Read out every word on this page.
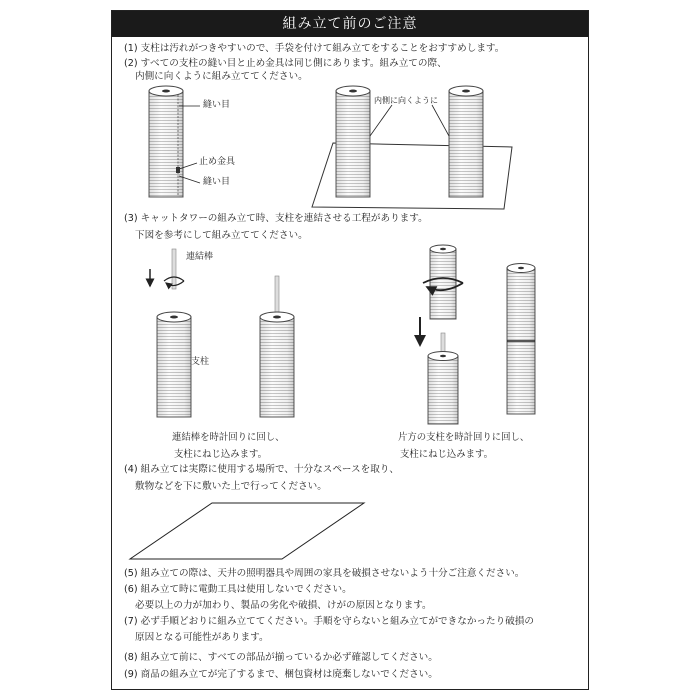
組み立て前のご注意
(1) 支柱は汚れがつきやすいので、手袋を付けて組み立てをすることをおすすめします。
(2) すべての支柱の縫い目と止め金具は同じ側にあります。組み立ての際、
内側に向くように組み立ててください。
縫い目
止め金具
縫い目
内側に向くように
(3) キャットタワーの組み立て時、支柱を連結させる工程があります。
下図を参考にして組み立ててください。
連結棒
支柱
連結棒を時計回りに回し、
支柱にねじ込みます。
片方の支柱を時計回りに回し、
支柱にねじ込みます。
(4) 組み立ては実際に使用する場所で、十分なスペースを取り、
敷物などを下に敷いた上で行ってください。
(5) 組み立ての際は、天井の照明器具や周囲の家具を破損させないよう十分ご注意ください。
(6) 組み立て時に電動工具は使用しないでください。
必要以上の力が加わり、製品の劣化や破損、けがの原因となります。
(7) 必ず手順どおりに組み立ててください。手順を守らないと組み立てができなかったり破損の
原因となる可能性があります。
(8) 組み立て前に、すべての部品が揃っているか必ず確認してください。
(9) 商品の組み立てが完了するまで、梱包資材は廃棄しないでください。
